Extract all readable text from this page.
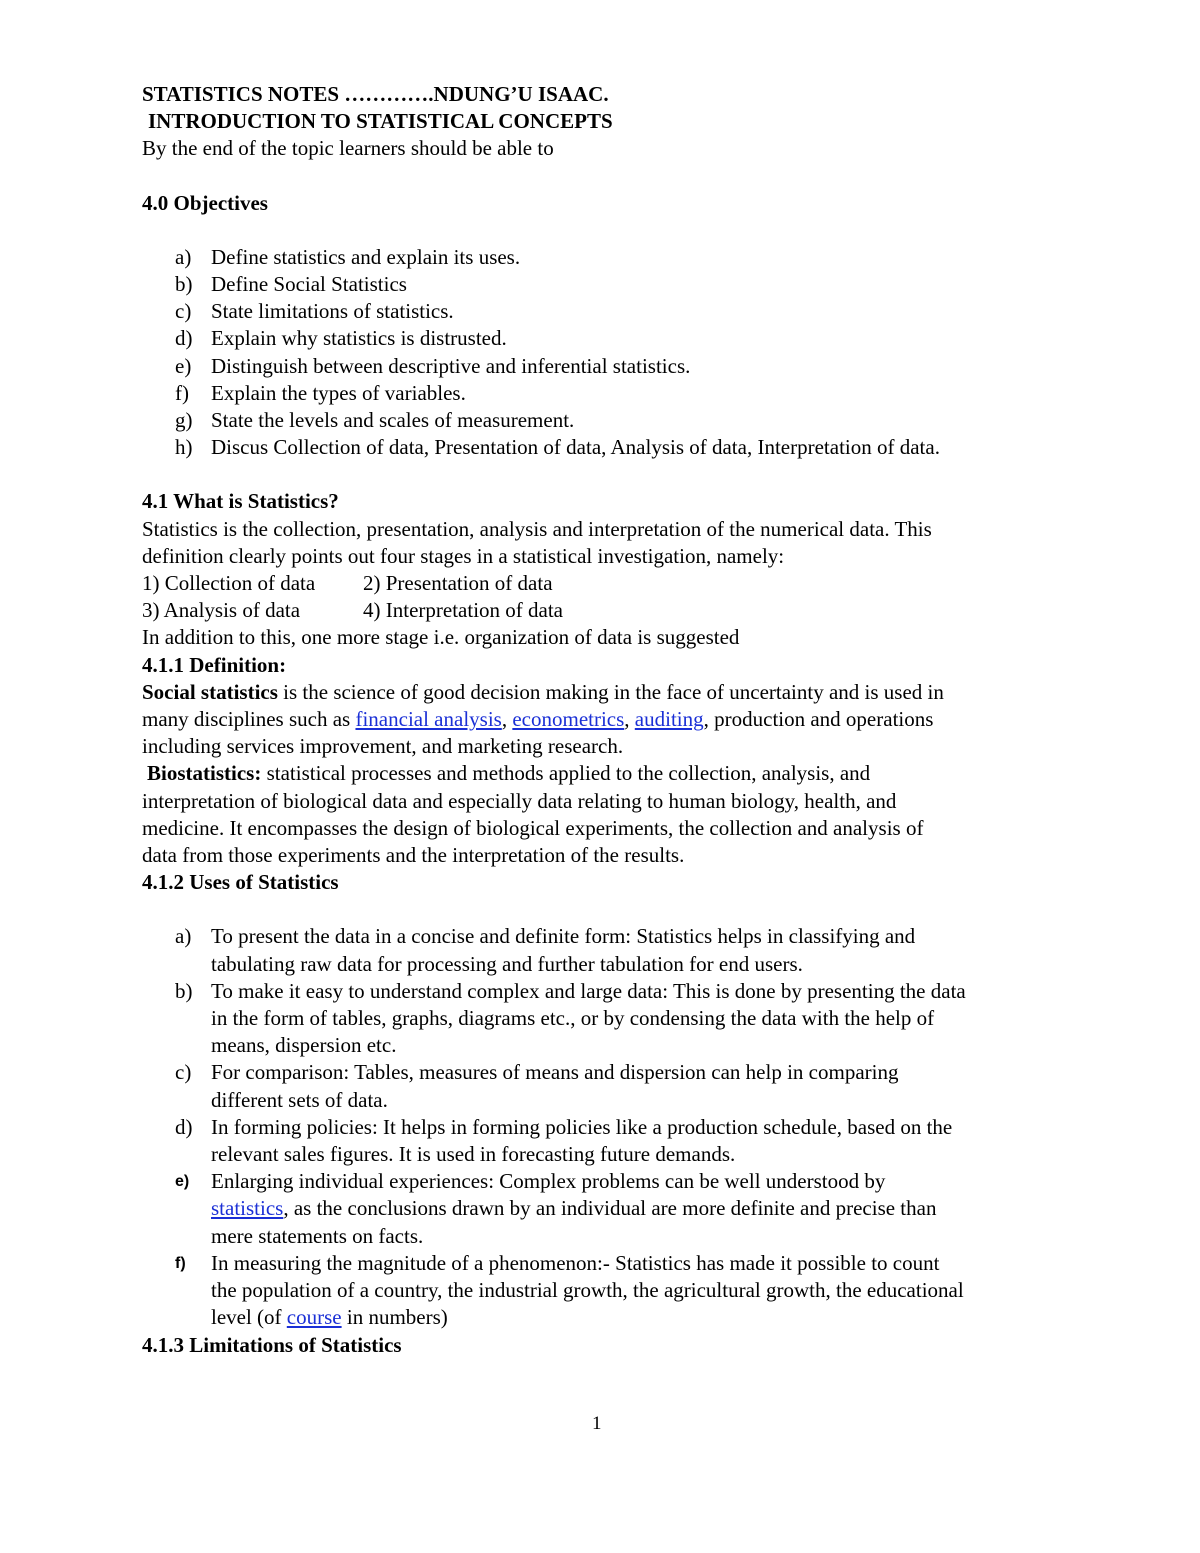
STATISTICS NOTES ………….NDUNG’U ISAAC.

INTRODUCTION TO STATISTICAL CONCEPTS

By the end of the topic learners should be able to

4.0 Objectives

a) Define statistics and explain its uses.

b) Define Social Statistics

c) State limitations of statistics.

d) Explain why statistics is distrusted.

e) Distinguish between descriptive and inferential statistics.

f) Explain the types of variables.

g) State the levels and scales of measurement.

h) Discus Collection of data, Presentation of data, Analysis of data, Interpretation of data.

4.1 What is Statistics?

Statistics is the collection, presentation, analysis and interpretation of the numerical data. This

definition clearly points out four stages in a statistical investigation, namely:

1) Collection of data 2) Presentation of data
3) Analysis of data	4) Interpretation of data

In addition to this, one more stage i.e. organization of data is suggested

4.1.1 Definition:

Social statistics is the science of good decision making in the face of uncertainty and is used in

many disciplines such as financial analysis, econometrics, auditing, production and operations

including services improvement, and marketing research.

Biostatistics: statistical processes and methods applied to the collection, analysis, and

interpretation of biological data and especially data relating to human biology, health, and

medicine. It encompasses the design of biological experiments, the collection and analysis of

data from those experiments and the interpretation of the results.

4.1.2 Uses of Statistics

a) To present the data in a concise and definite form: Statistics helps in classifying and
tabulating raw data for processing and further tabulation for end users.
b) To make it easy to understand complex and large data: This is done by presenting the data
in the form of tables, graphs, diagrams etc., or by condensing the data with the help of
means, dispersion etc.
c) For comparison: Tables, measures of means and dispersion can help in comparing
different sets of data.
d) In forming policies: It helps in forming policies like a production schedule, based on the
relevant sales figures. It is used in forecasting future demands.
e) Enlarging individual experiences: Complex problems can be well understood by
statistics, as the conclusions drawn by an individual are more definite and precise than
mere statements on facts.
f) In measuring the magnitude of a phenomenon:- Statistics has made it possible to count
the population of a country, the industrial growth, the agricultural growth, the educational
level (of course in numbers)

4.1.3 Limitations of Statistics

1
